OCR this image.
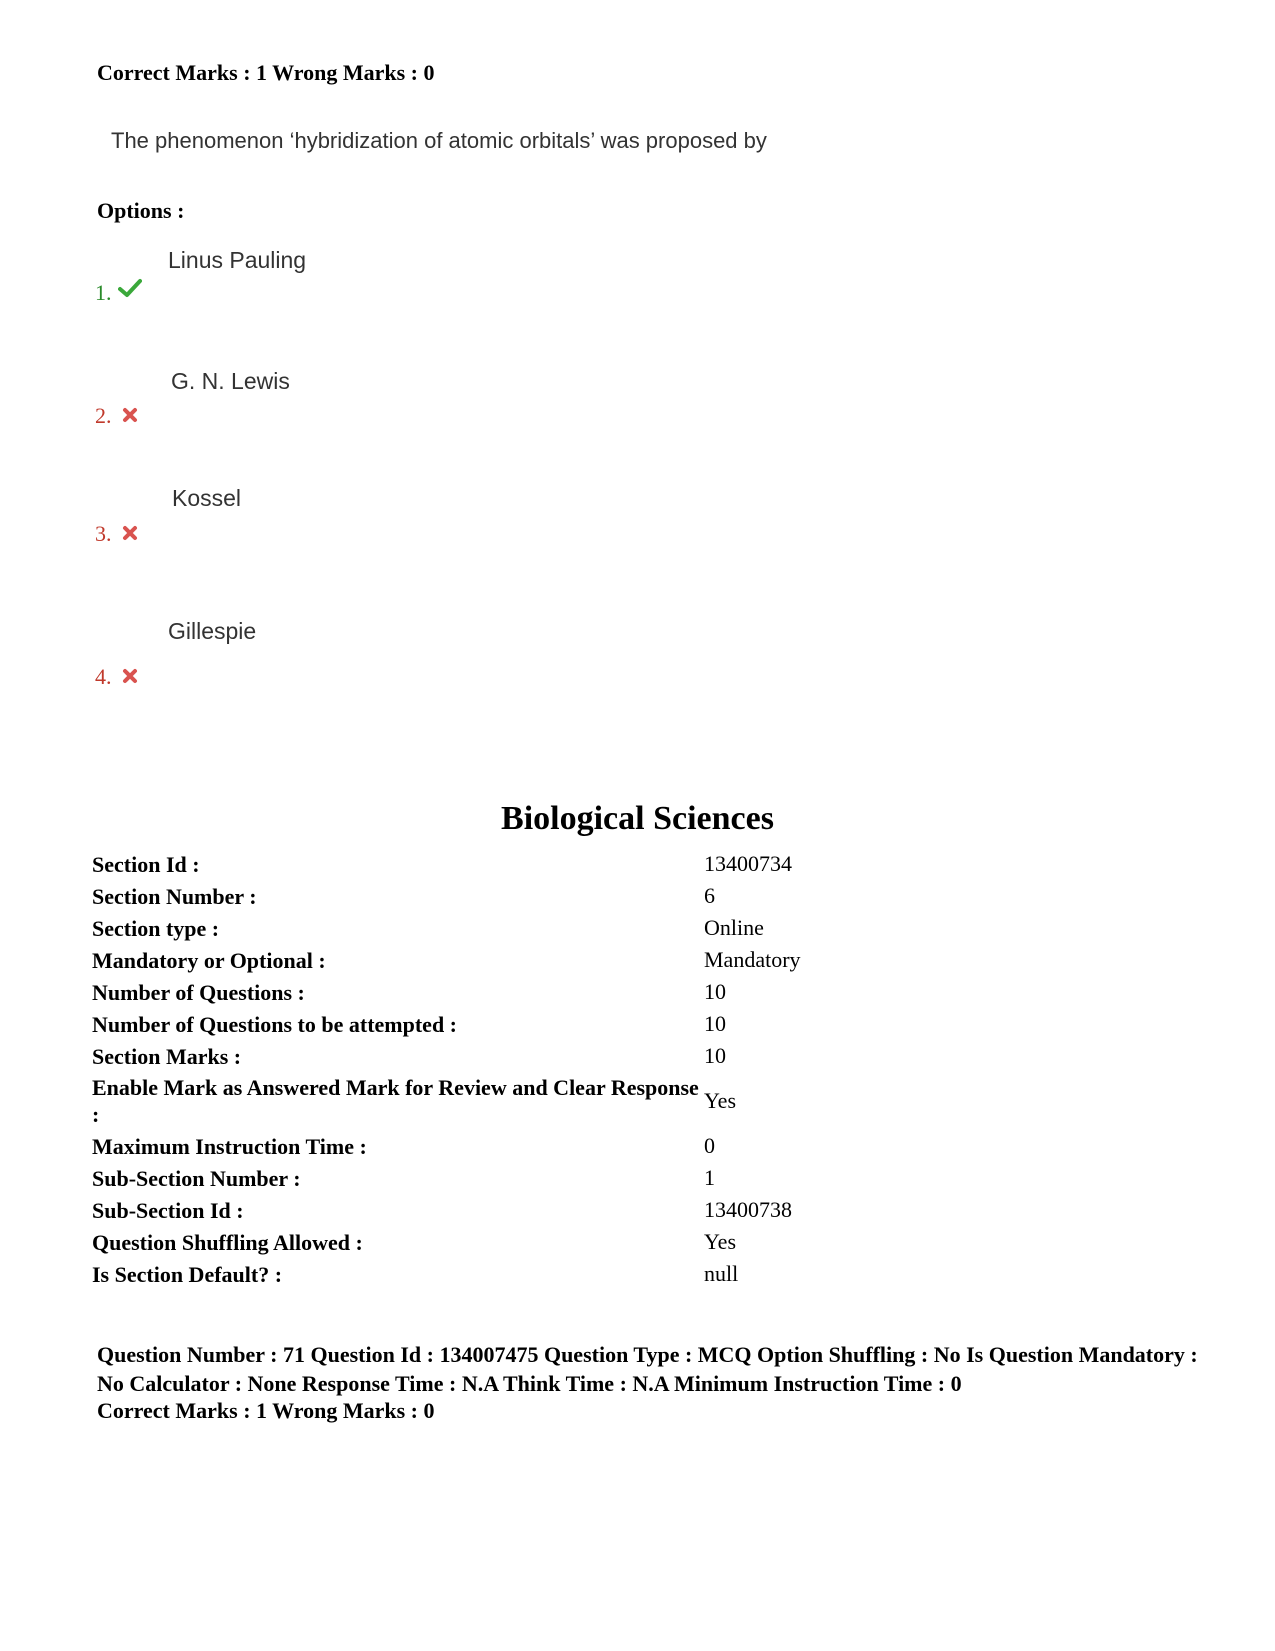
Correct Marks : 1 Wrong Marks : 0
The phenomenon ‘hybridization of atomic orbitals’ was proposed by
Options :
Linus Pauling
1.
G. N. Lewis
2.
Kossel
3.
Gillespie
4.
Biological Sciences
Section Id :	13400734
Section Number :	6
Section type :	Online
Mandatory or Optional :	Mandatory
Number of Questions :	10
Number of Questions to be attempted :	10
Section Marks :	10
Enable Mark as Answered Mark for Review and Clear Response :
Yes
Maximum Instruction Time :	0
Sub-Section Number :	1
Sub-Section Id :	13400738
Question Shuffling Allowed :	Yes
Is Section Default? :	null
Question Number : 71 Question Id : 134007475 Question Type : MCQ Option Shuffling : No Is Question Mandatory : No Calculator : None Response Time : N.A Think Time : N.A Minimum Instruction Time : 0
Correct Marks : 1 Wrong Marks : 0
